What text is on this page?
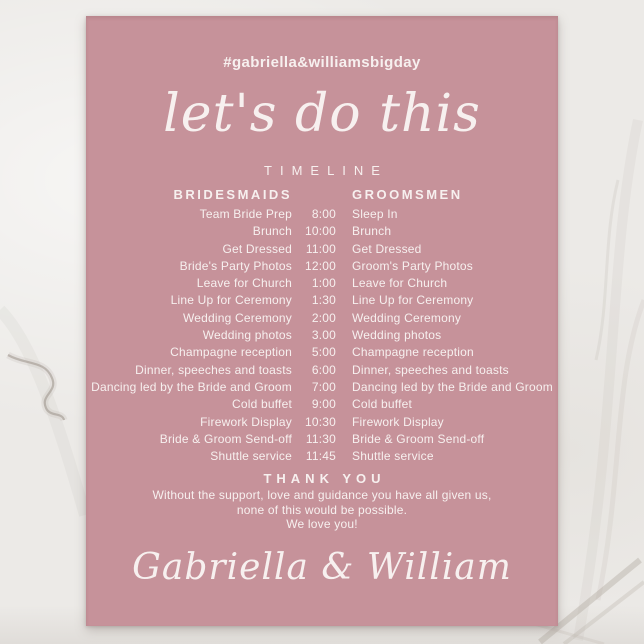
#gabriella&williamsbigday
let's do this
TIMELINE
BRIDESMAIDS	GROOMSMEN
Team Bride Prep	8:00	Sleep In
Brunch	10:00	Brunch
Get Dressed	11:00	Get Dressed
Bride's Party Photos	12:00	Groom's Party Photos
Leave for Church	1:00	Leave for Church
Line Up for Ceremony	1:30	Line Up for Ceremony
Wedding Ceremony	2:00	Wedding Ceremony
Wedding photos	3.00	Wedding photos
Champagne reception	5:00	Champagne reception
Dinner, speeches and toasts	6:00	Dinner, speeches and toasts
Dancing led by the Bride and Groom	7:00	Dancing led by the Bride and Groom
Cold buffet	9:00	Cold buffet
Firework Display	10:30	Firework Display
Bride & Groom Send-off	11:30	Bride & Groom Send-off
Shuttle service	11:45	Shuttle service
THANK YOU
Without the support, love and guidance you have all given us,
none of this would be possible.
We love you!
Gabriella & William
